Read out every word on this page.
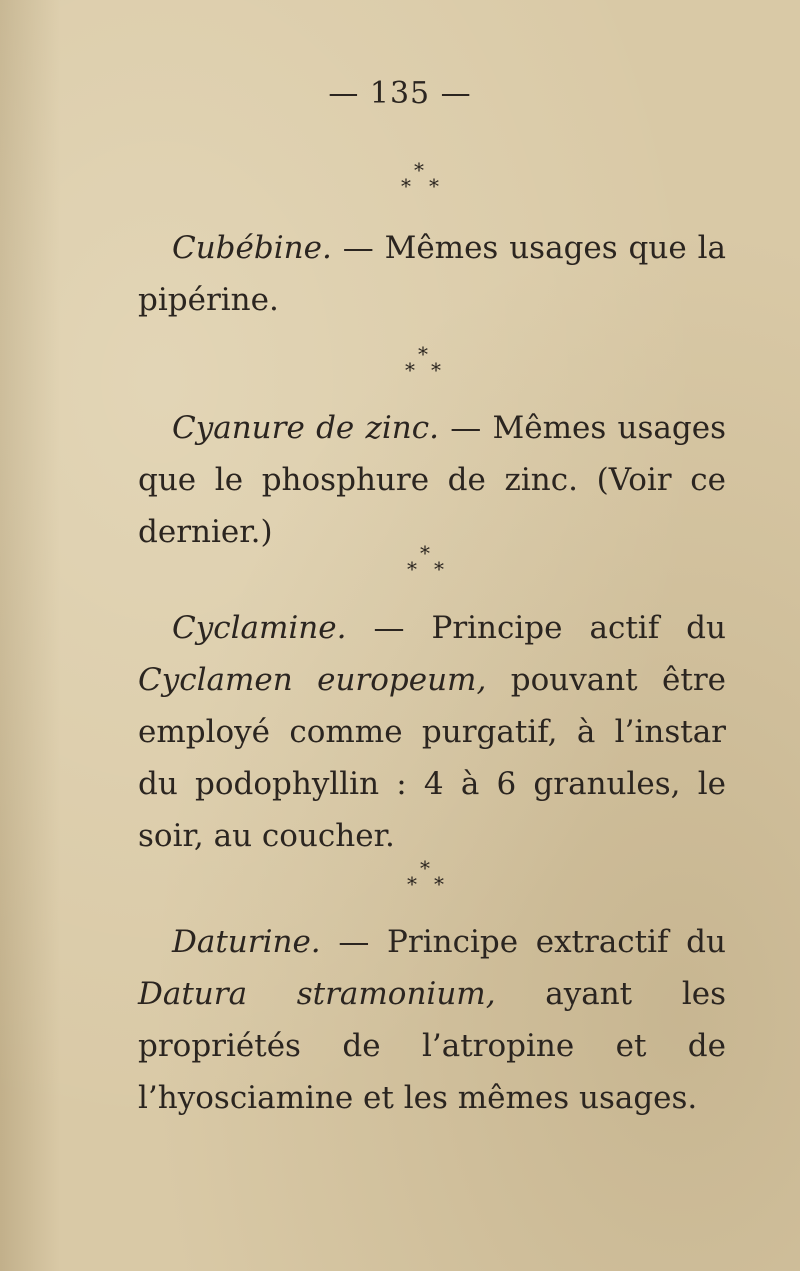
— 135 —
*
* *
Cubébine. — Mêmes usages que la pipérine.
*
* *
Cyanure de zinc. — Mêmes usages que le phosphure de zinc. (Voir ce dernier.)
*
* *
Cyclamine. — Principe actif du Cyclamen europeum, pouvant être employé comme purgatif, à l’instar du podophyllin : 4 à 6 granules, le soir, au coucher.
*
* *
Daturine. — Principe extractif du Datura stramonium, ayant les propriétés de l’atropine et de l’hyosciamine et les mêmes usages.
